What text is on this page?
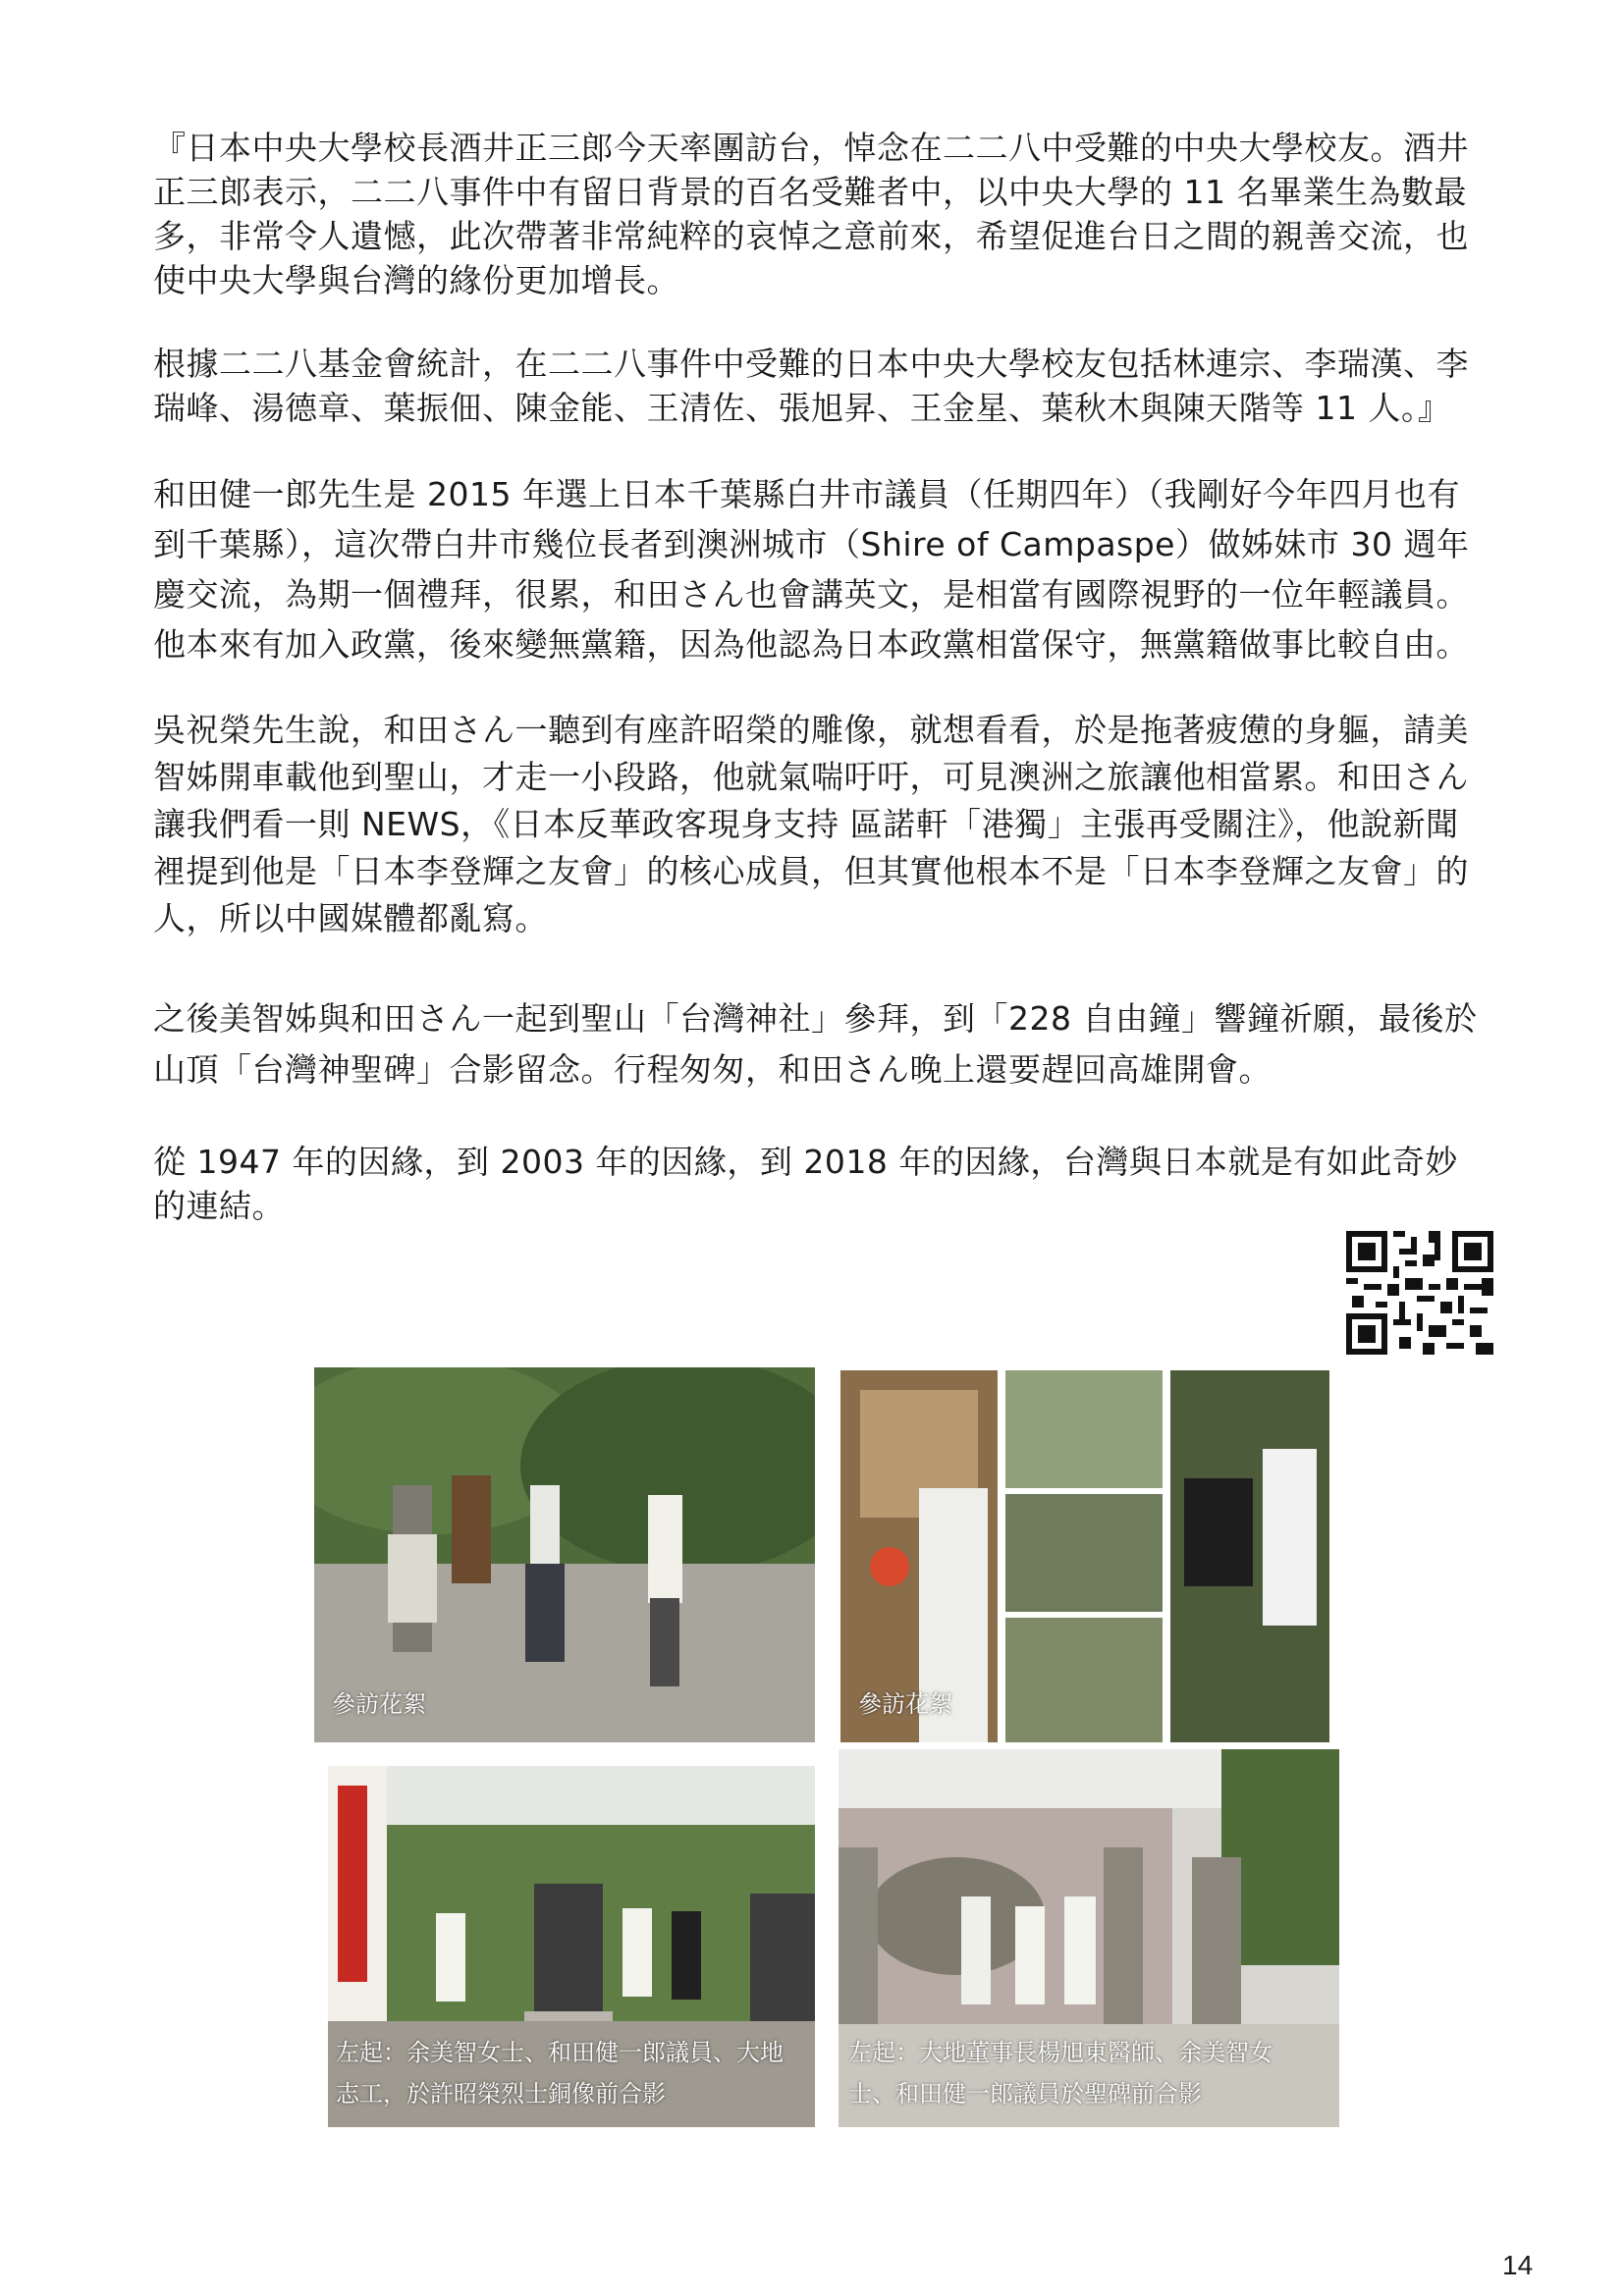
『日本中央大學校長酒井正三郎今天率團訪台，悼念在二二八中受難的中央大學校友。酒井正三郎表示，二二八事件中有留日背景的百名受難者中，以中央大學的 11 名畢業生為數最多，非常令人遺憾，此次帶著非常純粹的哀悼之意前來，希望促進台日之間的親善交流，也使中央大學與台灣的緣份更加增長。

根據二二八基金會統計，在二二八事件中受難的日本中央大學校友包括林連宗、李瑞漢、李瑞峰、湯德章、葉振佃、陳金能、王清佐、張旭昇、王金星、葉秋木與陳天階等 11 人。』

和田健一郎先生是 2015 年選上日本千葉縣白井市議員（任期四年）（我剛好今年四月也有到千葉縣），這次帶白井市幾位長者到澳洲城市（Shire of Campaspe）做姊妹市 30 週年慶交流，為期一個禮拜，很累，和田さん也會講英文，是相當有國際視野的一位年輕議員。他本來有加入政黨，後來變無黨籍，因為他認為日本政黨相當保守，無黨籍做事比較自由。

吳祝榮先生說，和田さん一聽到有座許昭榮的雕像，就想看看，於是拖著疲憊的身軀，請美智姊開車載他到聖山，才走一小段路，他就氣喘吁吁，可見澳洲之旅讓他相當累。和田さん讓我們看一則 NEWS，《日本反華政客現身支持 區諾軒「港獨」主張再受關注》，他說新聞裡提到他是「日本李登輝之友會」的核心成員，但其實他根本不是「日本李登輝之友會」的人，所以中國媒體都亂寫。

之後美智姊與和田さん一起到聖山「台灣神社」參拜，到「228 自由鐘」響鐘祈願，最後於山頂「台灣神聖碑」合影留念。行程匆匆，和田さん晚上還要趕回高雄開會。

從 1947 年的因緣，到 2003 年的因緣，到 2018 年的因緣，台灣與日本就是有如此奇妙的連結。

參訪花絮	參訪花絮
左起：余美智女士、和田健一郎議員、大地志工，於許昭榮烈士銅像前合影
左起：大地董事長楊旭東醫師、余美智女士、和田健一郎議員於聖碑前合影
14
